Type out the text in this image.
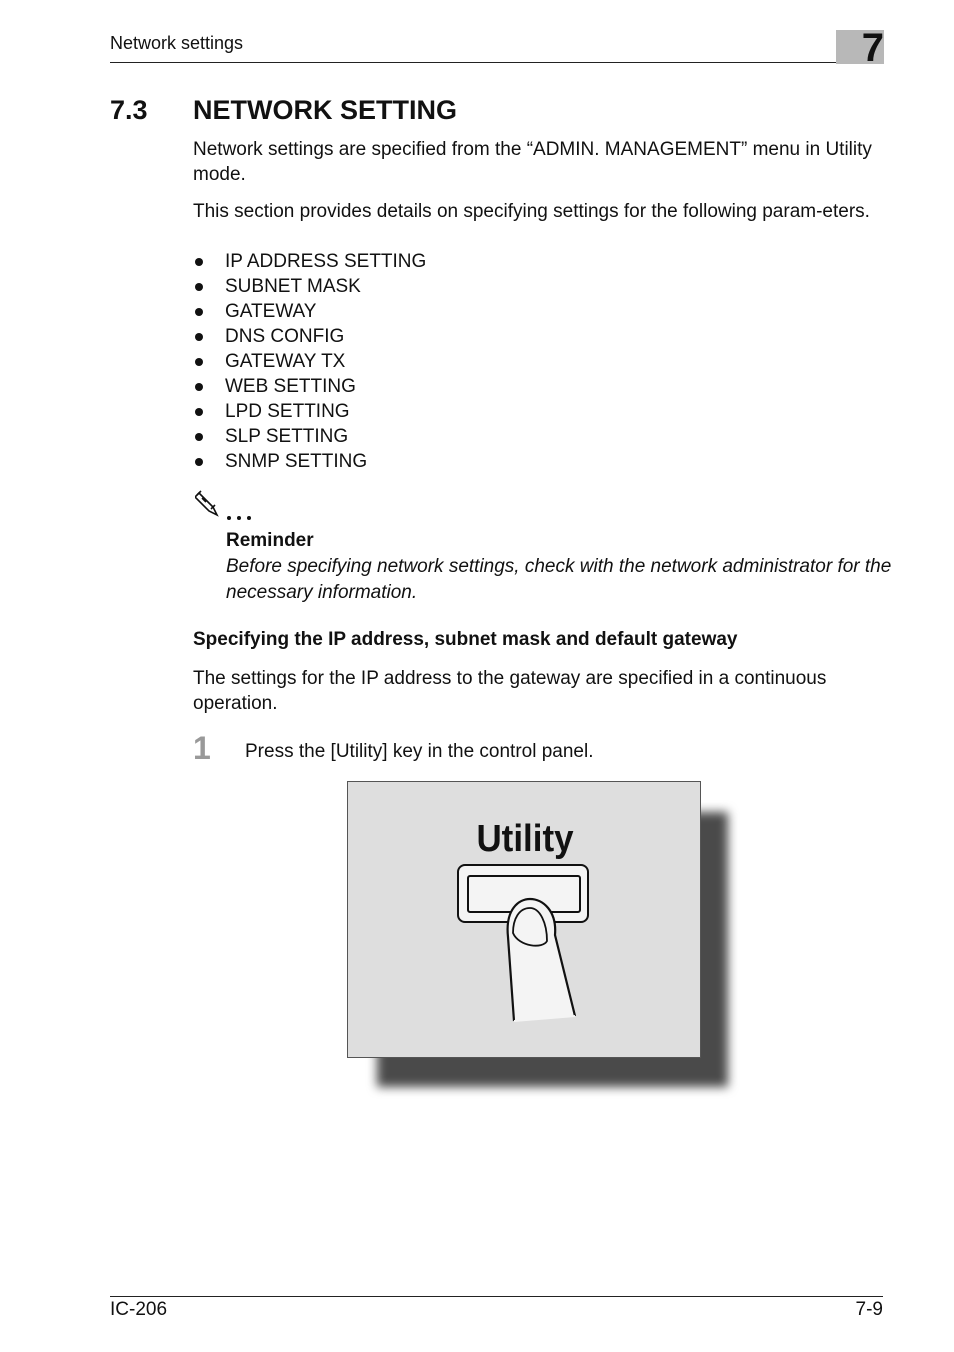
Network settings	7
7.3 NETWORK SETTING
Network settings are specified from the “ADMIN. MANAGEMENT” menu in Utility mode.
This section provides details on specifying settings for the following param-eters.
IP ADDRESS SETTING
SUBNET MASK
GATEWAY
DNS CONFIG
GATEWAY TX
WEB SETTING
LPD SETTING
SLP SETTING
SNMP SETTING
Reminder
Before specifying network settings, check with the network administrator for the necessary information.
Specifying the IP address, subnet mask and default gateway
The settings for the IP address to the gateway are specified in a continuous operation.
1 Press the [Utility] key in the control panel.
Utility
IC-206	7-9
